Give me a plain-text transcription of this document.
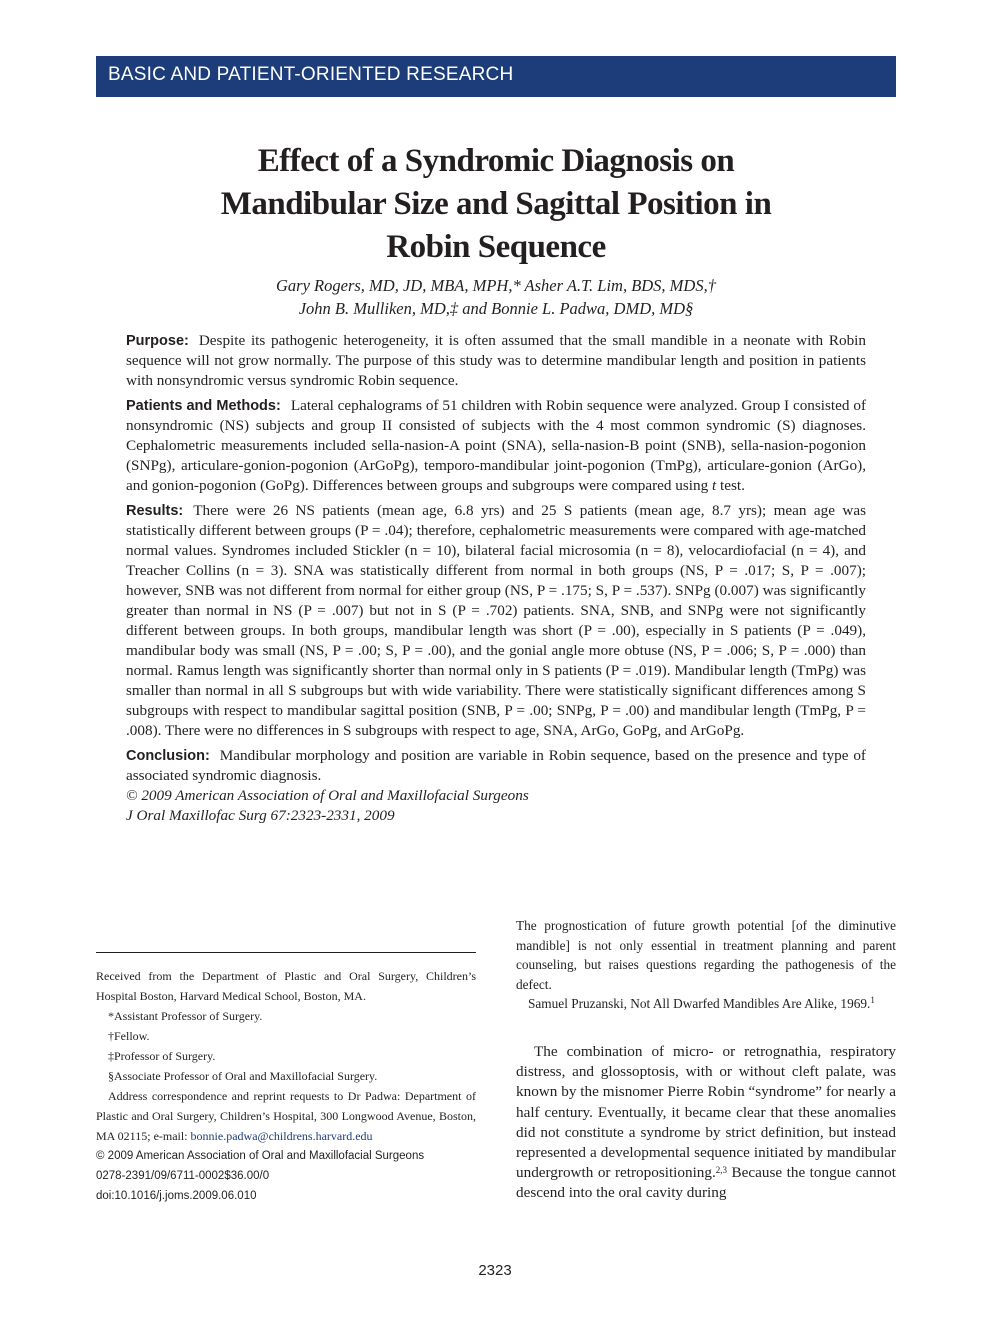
BASIC AND PATIENT-ORIENTED RESEARCH
Effect of a Syndromic Diagnosis on
Mandibular Size and Sagittal Position in
Robin Sequence
Gary Rogers, MD, JD, MBA, MPH,* Asher A.T. Lim, BDS, MDS,†
John B. Mulliken, MD,‡ and Bonnie L. Padwa, DMD, MD§

Purpose: Despite its pathogenic heterogeneity, it is often assumed that the small mandible in a neonate with Robin sequence will not grow normally. The purpose of this study was to determine mandibular length and position in patients with nonsyndromic versus syndromic Robin sequence.

Patients and Methods: Lateral cephalograms of 51 children with Robin sequence were analyzed. Group I consisted of nonsyndromic (NS) subjects and group II consisted of subjects with the 4 most common syndromic (S) diagnoses. Cephalometric measurements included sella-nasion-A point (SNA), sella-nasion-B point (SNB), sella-nasion-pogonion (SNPg), articulare-gonion-pogonion (ArGoPg), temporo-mandibular joint-pogonion (TmPg), articulare-gonion (ArGo), and gonion-pogonion (GoPg). Differences between groups and subgroups were compared using t test.

Results: There were 26 NS patients (mean age, 6.8 yrs) and 25 S patients (mean age, 8.7 yrs); mean age was statistically different between groups (P = .04); therefore, cephalometric measurements were compared with age-matched normal values. Syndromes included Stickler (n = 10), bilateral facial microsomia (n = 8), velocardiofacial (n = 4), and Treacher Collins (n = 3). SNA was statistically different from normal in both groups (NS, P = .017; S, P = .007); however, SNB was not different from normal for either group (NS, P = .175; S, P = .537). SNPg (0.007) was significantly greater than normal in NS (P = .007) but not in S (P = .702) patients. SNA, SNB, and SNPg were not significantly different between groups. In both groups, mandibular length was short (P = .00), especially in S patients (P = .049), mandibular body was small (NS, P = .00; S, P = .00), and the gonial angle more obtuse (NS, P = .006; S, P = .000) than normal. Ramus length was significantly shorter than normal only in S patients (P = .019). Mandibular length (TmPg) was smaller than normal in all S subgroups but with wide variability. There were statistically significant differences among S subgroups with respect to mandibular sagittal position (SNB, P = .00; SNPg, P = .00) and mandibular length (TmPg, P = .008). There were no differences in S subgroups with respect to age, SNA, ArGo, GoPg, and ArGoPg.

Conclusion: Mandibular morphology and position are variable in Robin sequence, based on the presence and type of associated syndromic diagnosis.

© 2009 American Association of Oral and Maxillofacial Surgeons

J Oral Maxillofac Surg 67:2323-2331, 2009

Received from the Department of Plastic and Oral Surgery, Children’s Hospital Boston, Harvard Medical School, Boston, MA.

*Assistant Professor of Surgery.

†Fellow.

‡Professor of Surgery.

§Associate Professor of Oral and Maxillofacial Surgery.

Address correspondence and reprint requests to Dr Padwa: Department of Plastic and Oral Surgery, Children’s Hospital, 300 Longwood Avenue, Boston, MA 02115; e-mail: bonnie.padwa@childrens.harvard.edu

© 2009 American Association of Oral and Maxillofacial Surgeons

0278-2391/09/6711-0002$36.00/0

doi:10.1016/j.joms.2009.06.010

The prognostication of future growth potential [of the diminutive mandible] is not only essential in treatment planning and parent counseling, but raises questions regarding the pathogenesis of the defect.

Samuel Pruzanski, Not All Dwarfed Mandibles Are Alike, 1969.$^1$

The combination of micro- or retrognathia, respiratory distress, and glossoptosis, with or without cleft palate, was known by the misnomer Pierre Robin “syndrome” for nearly a half century. Eventually, it became clear that these anomalies did not constitute a syndrome by strict definition, but instead represented a developmental sequence initiated by mandibular undergrowth or retropositioning.$^{2,3}$ Because the tongue cannot descend into the oral cavity during
2323
